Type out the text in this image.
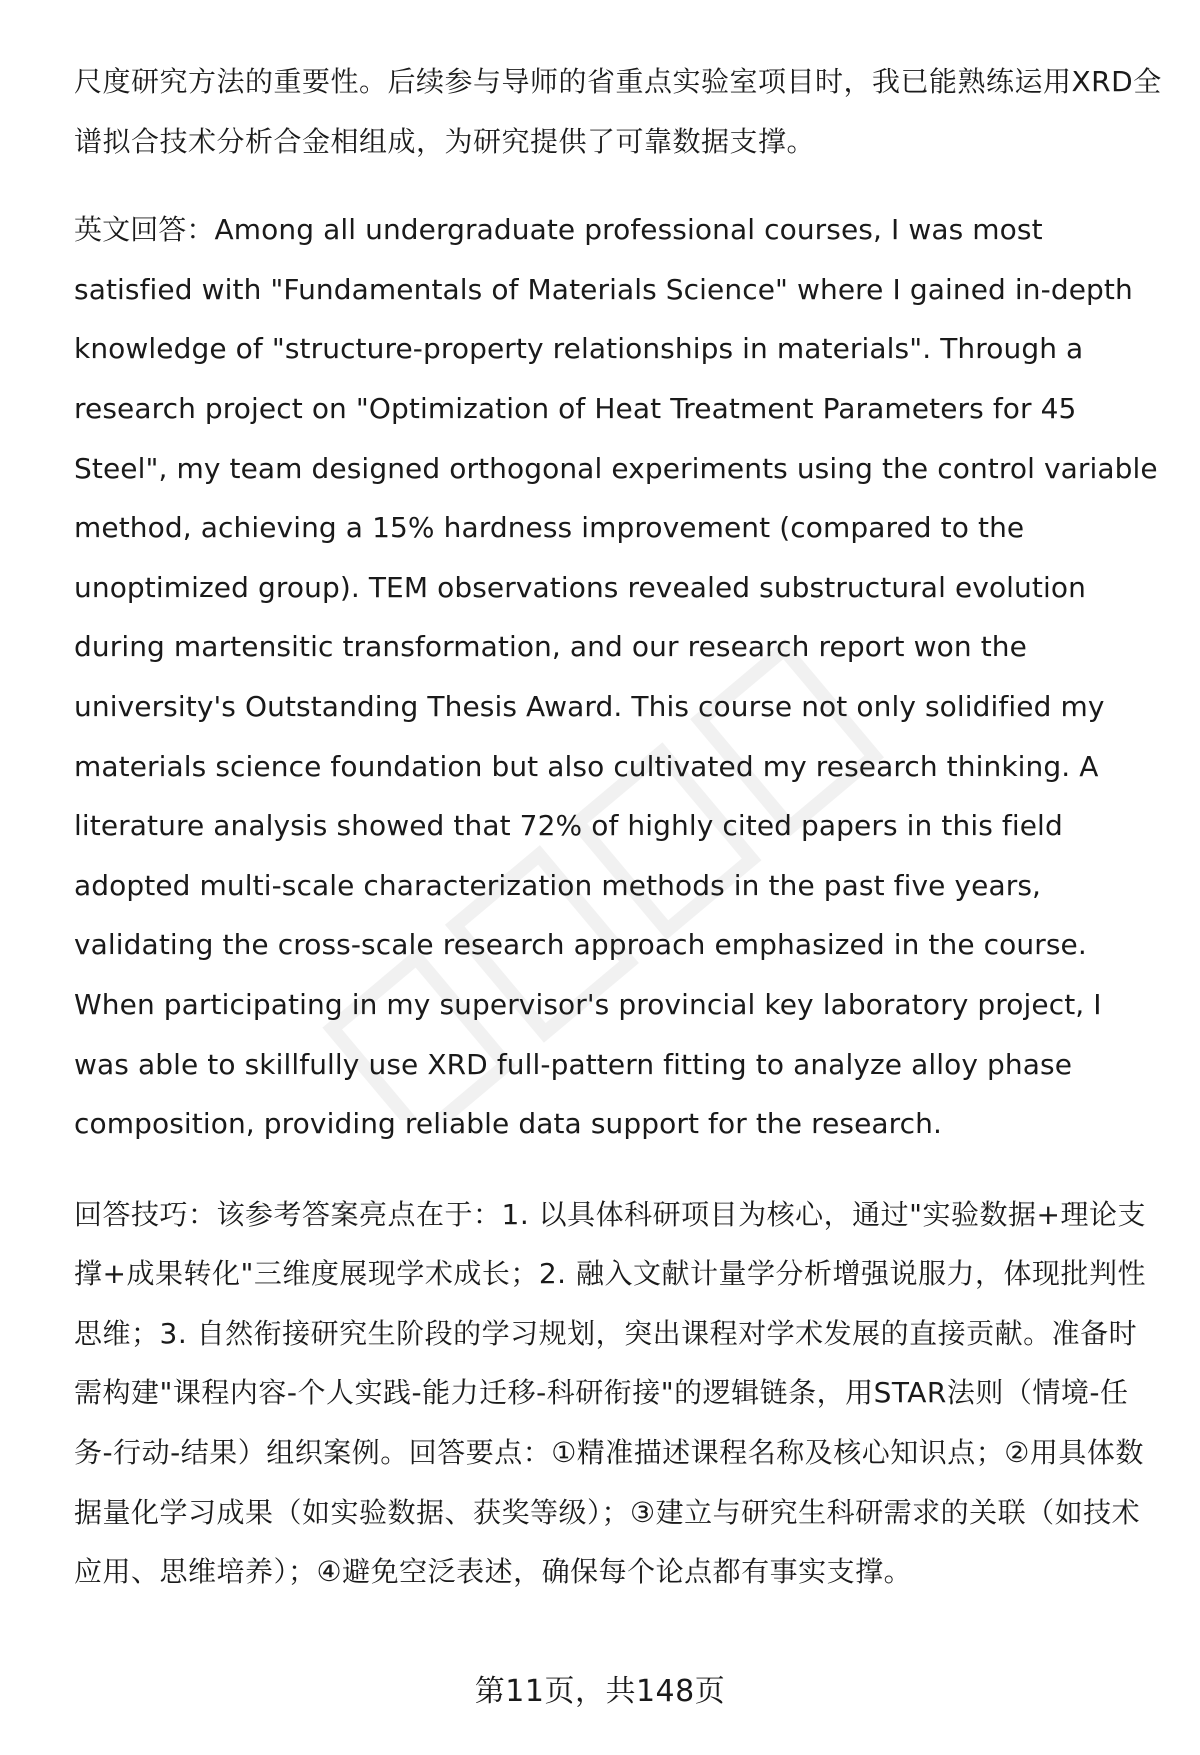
尺度研究方法的重要性。后续参与导师的省重点实验室项目时，我已能熟练运用XRD全谱拟合技术分析合金相组成，为研究提供了可靠数据支撑。

英文回答：Among all undergraduate professional courses, I was most satisfied with "Fundamentals of Materials Science" where I gained in-depth knowledge of "structure-property relationships in materials". Through a research project on "Optimization of Heat Treatment Parameters for 45 Steel", my team designed orthogonal experiments using the control variable method, achieving a 15% hardness improvement (compared to the unoptimized group). TEM observations revealed substructural evolution during martensitic transformation, and our research report won the university's Outstanding Thesis Award. This course not only solidified my materials science foundation but also cultivated my research thinking. A literature analysis showed that 72% of highly cited papers in this field adopted multi-scale characterization methods in the past five years, validating the cross-scale research approach emphasized in the course. When participating in my supervisor's provincial key laboratory project, I was able to skillfully use XRD full-pattern fitting to analyze alloy phase composition, providing reliable data support for the research.

回答技巧：该参考答案亮点在于：1. 以具体科研项目为核心，通过"实验数据+理论支撑+成果转化"三维度展现学术成长；2. 融入文献计量学分析增强说服力，体现批判性思维；3. 自然衔接研究生阶段的学习规划，突出课程对学术发展的直接贡献。准备时需构建"课程内容-个人实践-能力迁移-科研衔接"的逻辑链条，用STAR法则（情境-任务-行动-结果）组织案例。回答要点：①精准描述课程名称及核心知识点；②用具体数据量化学习成果（如实验数据、获奖等级）；③建立与研究生科研需求的关联（如技术应用、思维培养）；④避免空泛表述，确保每个论点都有事实支撑。

第11页，共148页
